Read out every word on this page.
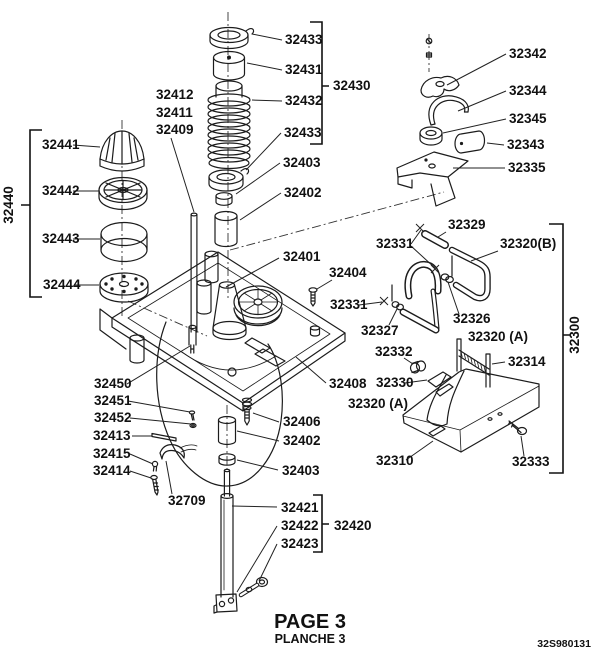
32433
32431
32430
32432
32412
32411
32409	32433
32403
32402
32342
32344
32345
32343
32335
32441
32442
32440
32443
32444
32401
32404
32331
32329
32320(B)
32331
32326
32327	32320 (A)	32300
32332
32314
32330
32408
32320 (A)
32450
32451
32452
32413
32415
32414
32406
32402
32403
32709	32421
32422 32420
32423
32310	32333
PAGE 3
PLANCHE 3	32S980131
